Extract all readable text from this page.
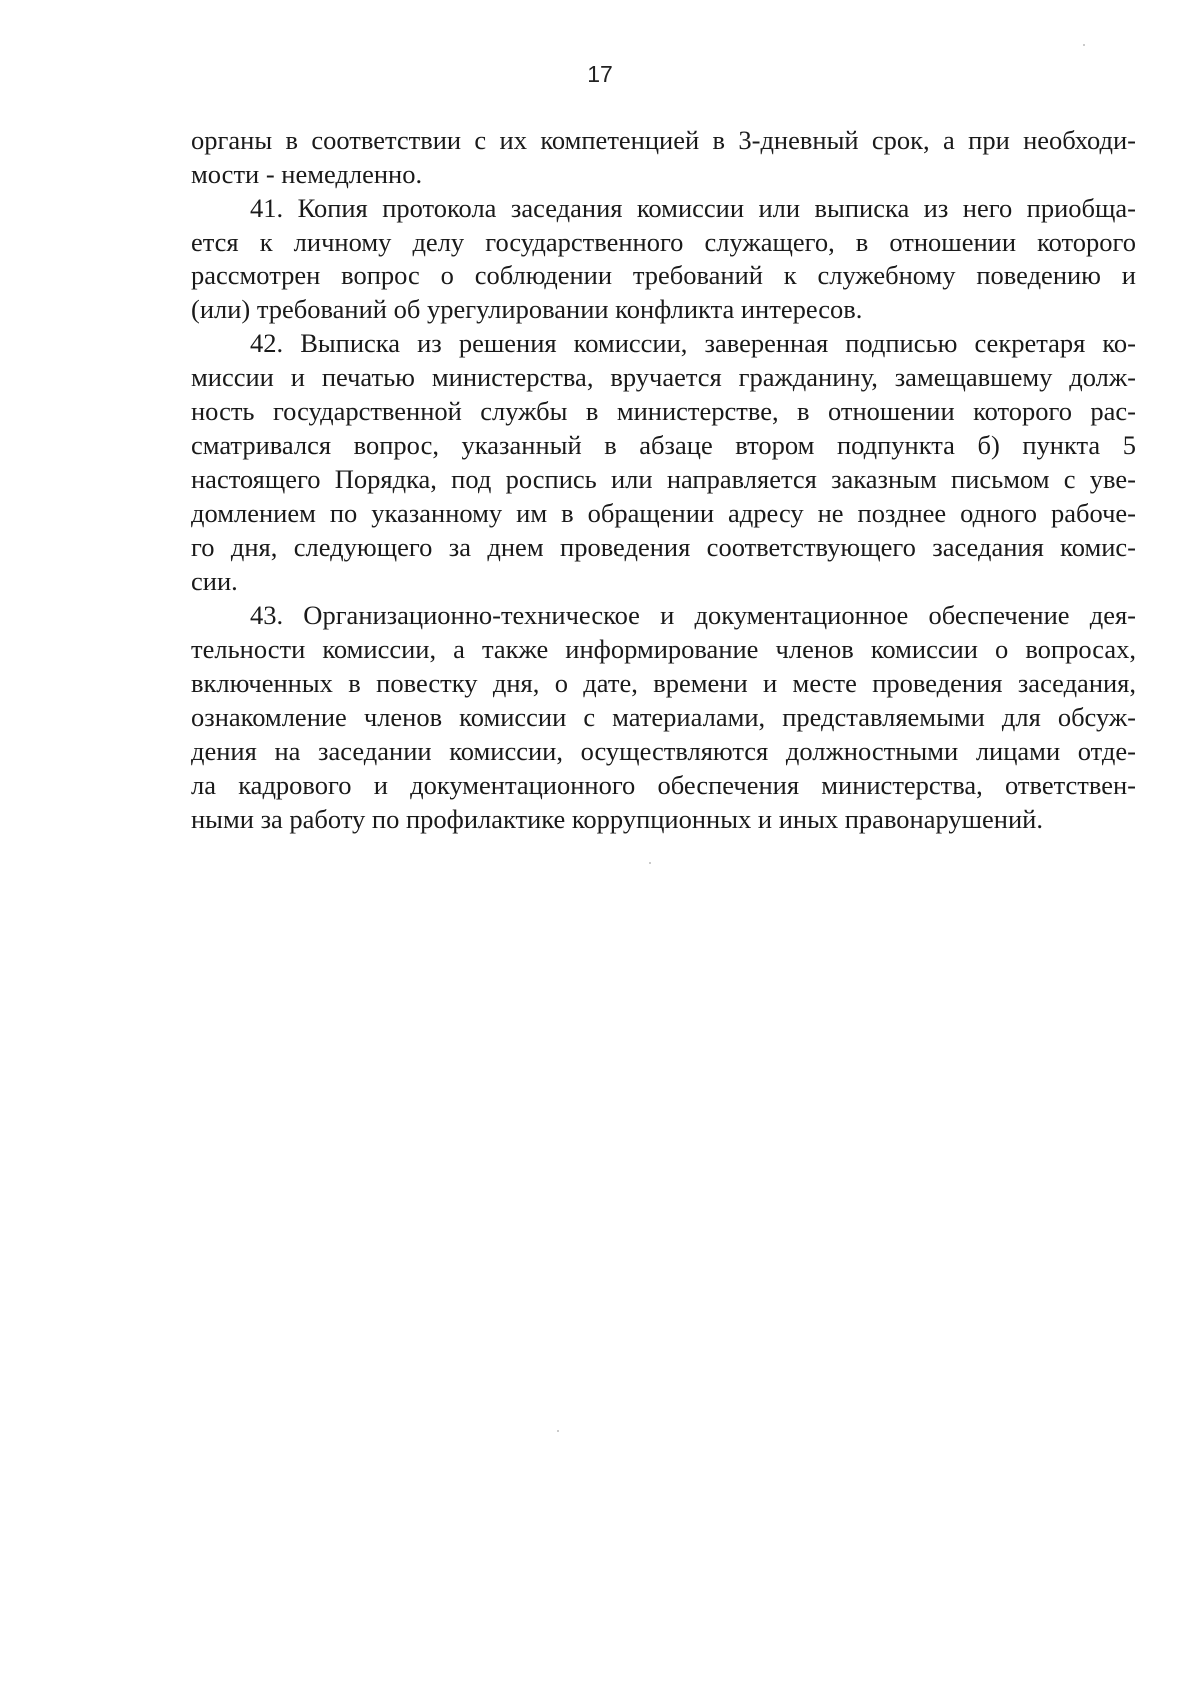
17
органы в соответствии с их компетенцией в 3-дневный срок, а при необходи-
мости - немедленно.
41. Копия протокола заседания комиссии или выписка из него приобща-
ется к личному делу государственного служащего, в отношении которого
рассмотрен вопрос о соблюдении требований к служебному поведению и
(или) требований об урегулировании конфликта интересов.
42. Выписка из решения комиссии, заверенная подписью секретаря ко-
миссии и печатью министерства, вручается гражданину, замещавшему долж-
ность государственной службы в министерстве, в отношении которого рас-
сматривался вопрос, указанный в абзаце втором подпункта б) пункта 5
настоящего Порядка, под роспись или направляется заказным письмом с уве-
домлением по указанному им в обращении адресу не позднее одного рабоче-
го дня, следующего за днем проведения соответствующего заседания комис-
сии.
43. Организационно-техническое и документационное обеспечение дея-
тельности комиссии, а также информирование членов комиссии о вопросах,
включенных в повестку дня, о дате, времени и месте проведения заседания,
ознакомление членов комиссии с материалами, представляемыми для обсуж-
дения на заседании комиссии, осуществляются должностными лицами отде-
ла кадрового и документационного обеспечения министерства, ответствен-
ными за работу по профилактике коррупционных и иных правонарушений.
